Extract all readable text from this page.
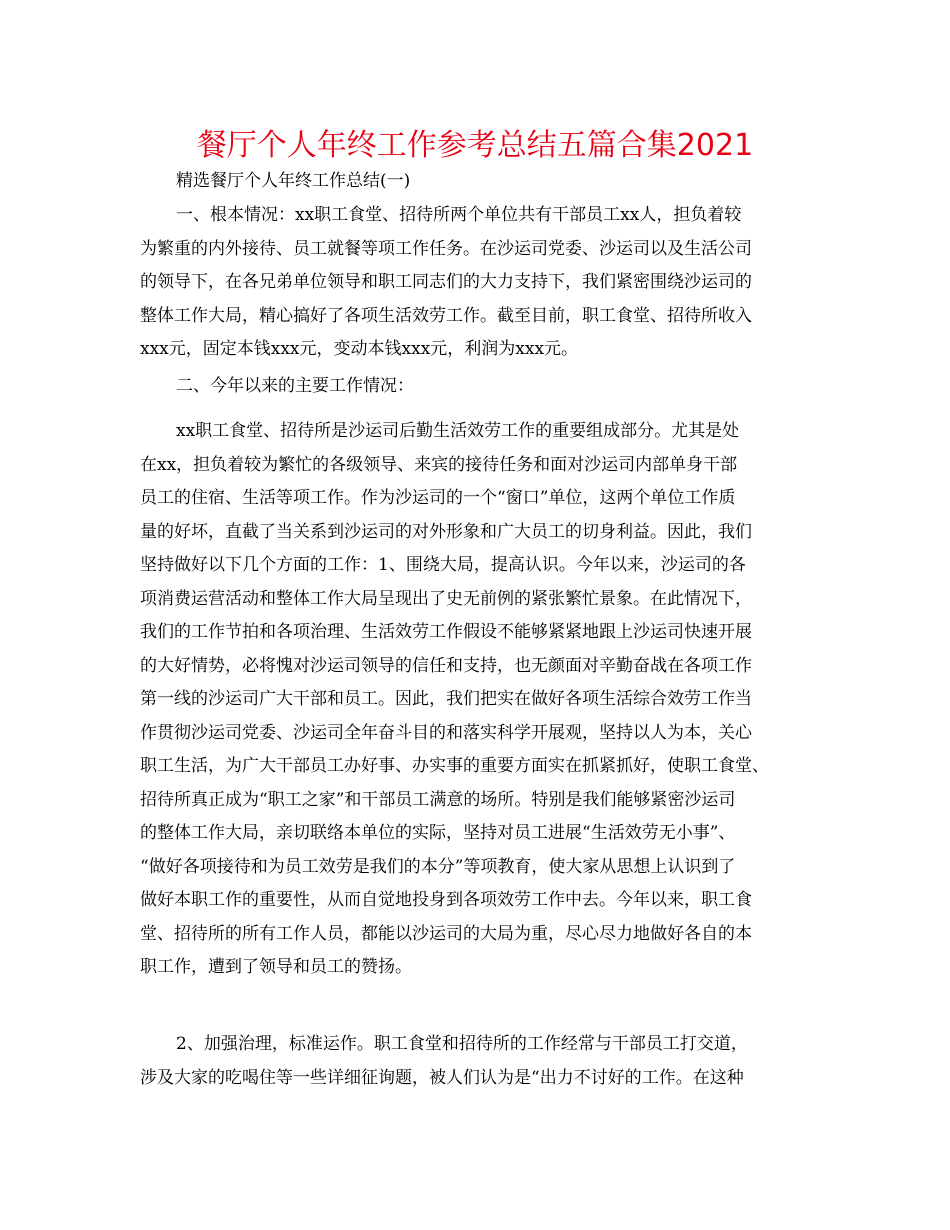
餐厅个人年终工作参考总结五篇合集2021

精选餐厅个人年终工作总结(一)

一、根本情况：xx职工食堂、招待所两个单位共有干部员工xx人，担负着较
为繁重的内外接待、员工就餐等项工作任务。在沙运司党委、沙运司以及生活公司
的领导下，在各兄弟单位领导和职工同志们的大力支持下，我们紧密围绕沙运司的
整体工作大局，精心搞好了各项生活效劳工作。截至目前，职工食堂、招待所收入
xxx元，固定本钱xxx元，变动本钱xxx元，利润为xxx元。
二、今年以来的主要工作情况：
xx职工食堂、招待所是沙运司后勤生活效劳工作的重要组成部分。尤其是处
在xx，担负着较为繁忙的各级领导、来宾的接待任务和面对沙运司内部单身干部
员工的住宿、生活等项工作。作为沙运司的一个“窗口”单位，这两个单位工作质
量的好坏，直截了当关系到沙运司的对外形象和广大员工的切身利益。因此，我们
坚持做好以下几个方面的工作：1、围绕大局，提高认识。今年以来，沙运司的各
项消费运营活动和整体工作大局呈现出了史无前例的紧张繁忙景象。在此情况下，
我们的工作节拍和各项治理、生活效劳工作假设不能够紧紧地跟上沙运司快速开展
的大好情势，必将愧对沙运司领导的信任和支持，也无颜面对辛勤奋战在各项工作
第一线的沙运司广大干部和员工。因此，我们把实在做好各项生活综合效劳工作当
作贯彻沙运司党委、沙运司全年奋斗目的和落实科学开展观，坚持以人为本，关心
职工生活，为广大干部员工办好事、办实事的重要方面实在抓紧抓好，使职工食堂、
招待所真正成为“职工之家”和干部员工满意的场所。特别是我们能够紧密沙运司
的整体工作大局，亲切联络本单位的实际，坚持对员工进展“生活效劳无小事”、
“做好各项接待和为员工效劳是我们的本分”等项教育，使大家从思想上认识到了
做好本职工作的重要性，从而自觉地投身到各项效劳工作中去。今年以来，职工食
堂、招待所的所有工作人员，都能以沙运司的大局为重，尽心尽力地做好各自的本
职工作，遭到了领导和员工的赞扬。
2、加强治理，标准运作。职工食堂和招待所的工作经常与干部员工打交道，
涉及大家的吃喝住等一些详细征询题，被人们认为是“出力不讨好的工作。在这种
